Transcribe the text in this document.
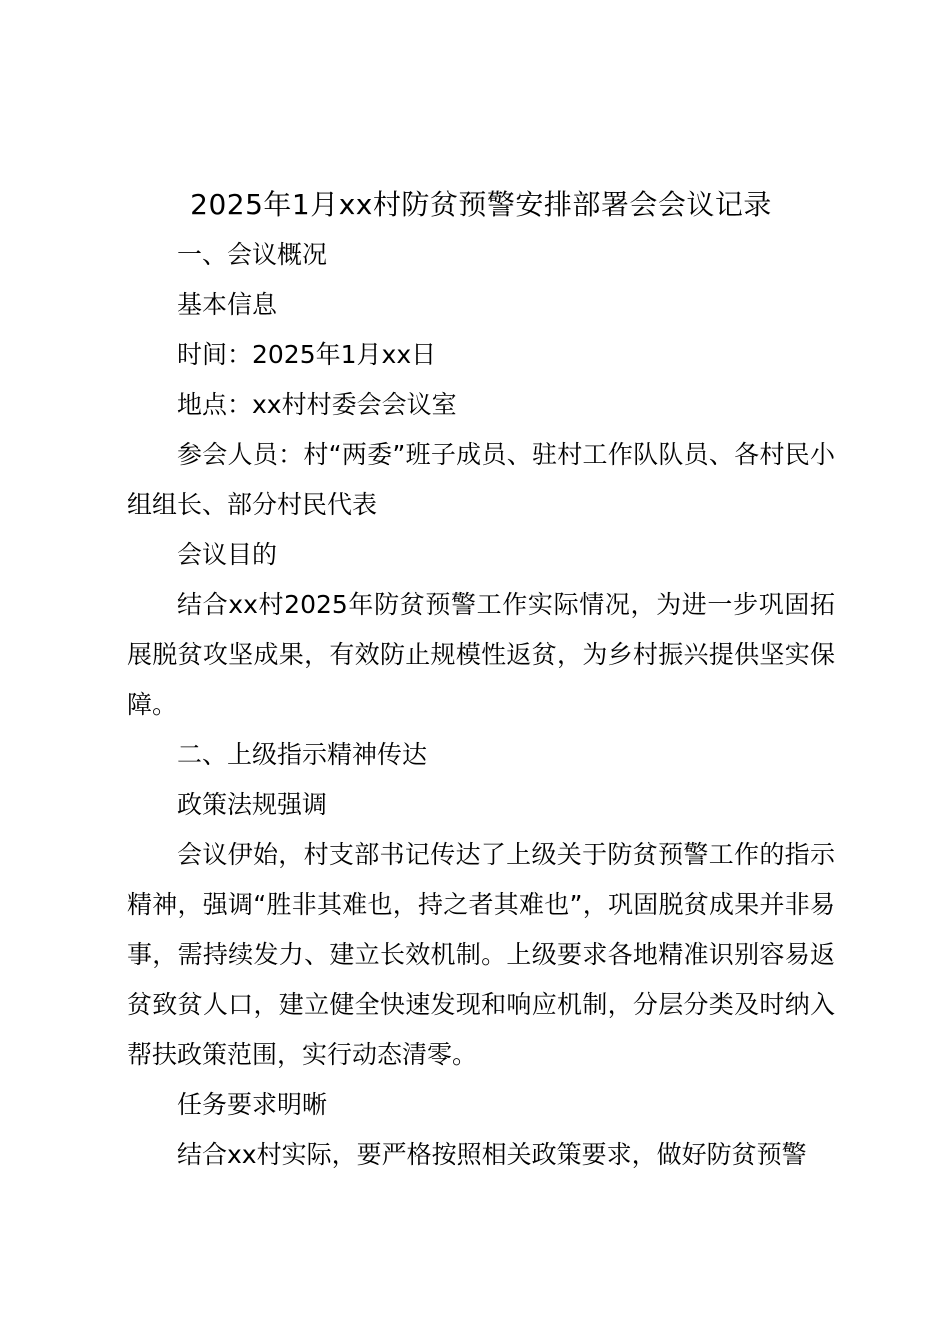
2025年1月xx村防贫预警安排部署会会议记录

一、会议概况

基本信息

时间：2025年1月xx日

地点：xx村村委会会议室

参会人员：村“两委”班子成员、驻村工作队队员、各村民小组组长、部分村民代表

会议目的

结合xx村2025年防贫预警工作实际情况，为进一步巩固拓展脱贫攻坚成果，有效防止规模性返贫，为乡村振兴提供坚实保障。

二、上级指示精神传达

政策法规强调

会议伊始，村支部书记传达了上级关于防贫预警工作的指示精神，强调“胜非其难也，持之者其难也”，巩固脱贫成果并非易事，需持续发力、建立长效机制。上级要求各地精准识别容易返贫致贫人口，建立健全快速发现和响应机制，分层分类及时纳入帮扶政策范围，实行动态清零。

任务要求明晰

结合xx村实际，要严格按照相关政策要求，做好防贫预警
